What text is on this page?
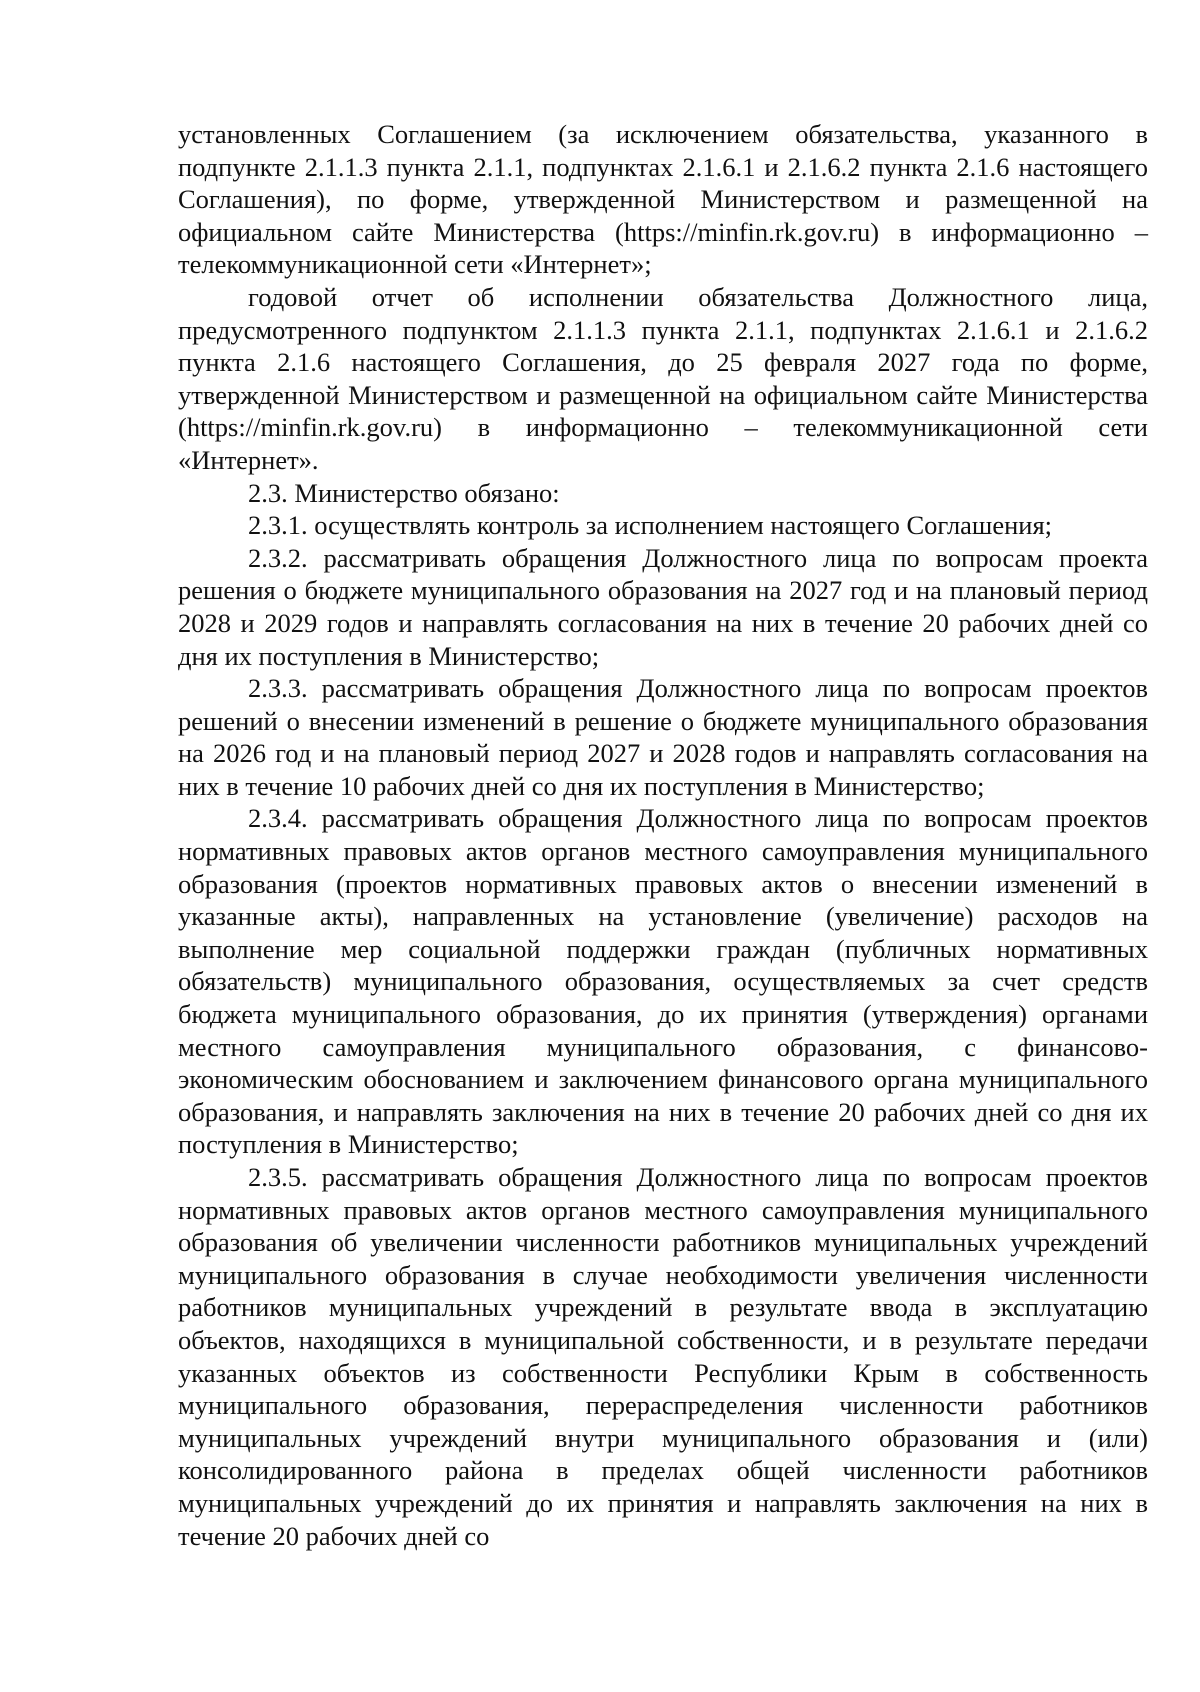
установленных Соглашением (за исключением обязательства, указанного в подпункте 2.1.1.3 пункта 2.1.1, подпунктах 2.1.6.1 и 2.1.6.2 пункта 2.1.6 настоящего Соглашения), по форме, утвержденной Министерством и размещенной на официальном сайте Министерства (https://minfin.rk.gov.ru) в информационно – телекоммуникационной сети «Интернет»;

годовой отчет об исполнении обязательства Должностного лица, предусмотренного подпунктом 2.1.1.3 пункта 2.1.1, подпунктах 2.1.6.1 и 2.1.6.2 пункта 2.1.6 настоящего Соглашения, до 25 февраля 2027 года по форме, утвержденной Министерством и размещенной на официальном сайте Министерства (https://minfin.rk.gov.ru) в информационно – телекоммуникационной сети «Интернет».

2.3. Министерство обязано:

2.3.1. осуществлять контроль за исполнением настоящего Соглашения;

2.3.2. рассматривать обращения Должностного лица по вопросам проекта решения о бюджете муниципального образования на 2027 год и на плановый период 2028 и 2029 годов и направлять согласования на них в течение 20 рабочих дней со дня их поступления в Министерство;

2.3.3. рассматривать обращения Должностного лица по вопросам проектов решений о внесении изменений в решение о бюджете муниципального образования на 2026 год и на плановый период 2027 и 2028 годов и направлять согласования на них в течение 10 рабочих дней со дня их поступления в Министерство;

2.3.4. рассматривать обращения Должностного лица по вопросам проектов нормативных правовых актов органов местного самоуправления муниципального образования (проектов нормативных правовых актов о внесении изменений в указанные акты), направленных на установление (увеличение) расходов на выполнение мер социальной поддержки граждан (публичных нормативных обязательств) муниципального образования, осуществляемых за счет средств бюджета муниципального образования, до их принятия (утверждения) органами местного самоуправления муниципального образования, с финансово-экономическим обоснованием и заключением финансового органа муниципального образования, и направлять заключения на них в течение 20 рабочих дней со дня их поступления в Министерство;

2.3.5. рассматривать обращения Должностного лица по вопросам проектов нормативных правовых актов органов местного самоуправления муниципального образования об увеличении численности работников муниципальных учреждений муниципального образования в случае необходимости увеличения численности работников муниципальных учреждений в результате ввода в эксплуатацию объектов, находящихся в муниципальной собственности, и в результате передачи указанных объектов из собственности Республики Крым в собственность муниципального образования, перераспределения численности работников муниципальных учреждений внутри муниципального образования и (или) консолидированного района в пределах общей численности работников муниципальных учреждений до их принятия и направлять заключения на них в течение 20 рабочих дней со
